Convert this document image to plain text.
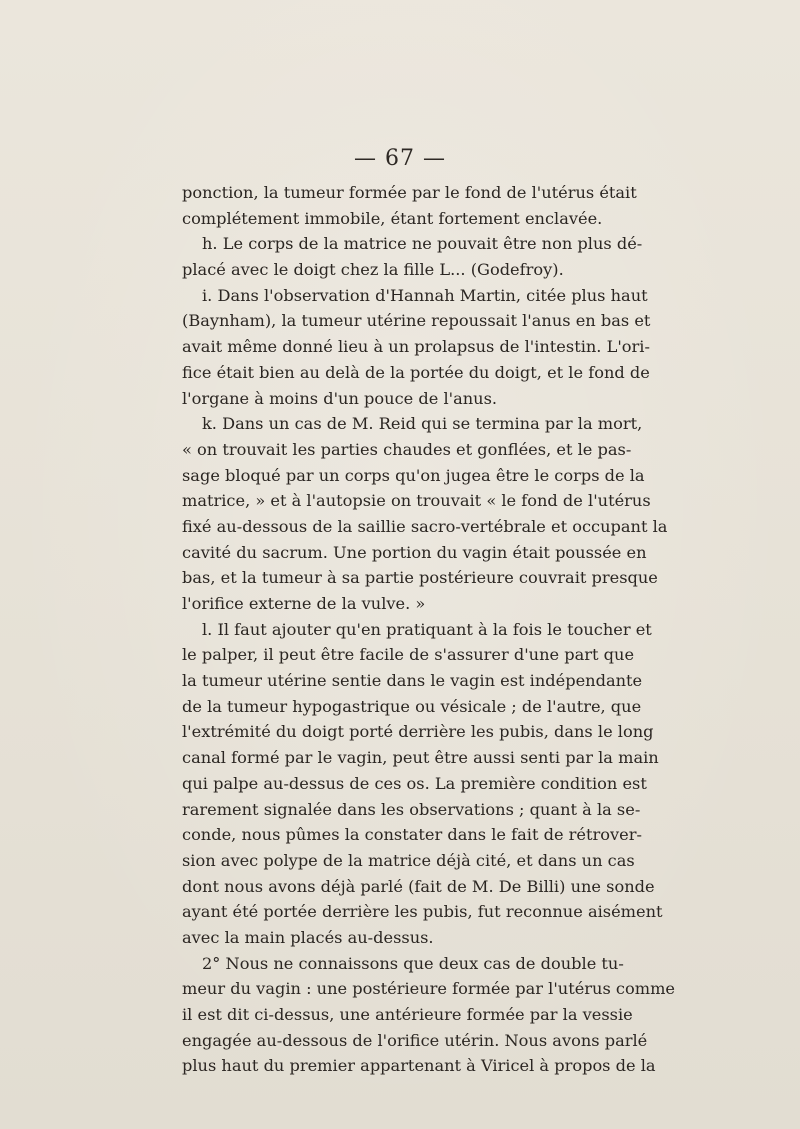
— 67 —
ponction, la tumeur formée par le fond de l'utérus était
complétement immobile, étant fortement enclavée.
h. Le corps de la matrice ne pouvait être non plus dé-
placé avec le doigt chez la fille L... (Godefroy).
i. Dans l'observation d'Hannah Martin, citée plus haut
(Baynham), la tumeur utérine repoussait l'anus en bas et
avait même donné lieu à un prolapsus de l'intestin. L'ori-
fice était bien au delà de la portée du doigt, et le fond de
l'organe à moins d'un pouce de l'anus.
k. Dans un cas de M. Reid qui se termina par la mort,
« on trouvait les parties chaudes et gonflées, et le pas-
sage bloqué par un corps qu'on jugea être le corps de la
matrice, » et à l'autopsie on trouvait « le fond de l'utérus
fixé au-dessous de la saillie sacro-vertébrale et occupant la
cavité du sacrum. Une portion du vagin était poussée en
bas, et la tumeur à sa partie postérieure couvrait presque
l'orifice externe de la vulve. »
l. Il faut ajouter qu'en pratiquant à la fois le toucher et
le palper, il peut être facile de s'assurer d'une part que
la tumeur utérine sentie dans le vagin est indépendante
de la tumeur hypogastrique ou vésicale ; de l'autre, que
l'extrémité du doigt porté derrière les pubis, dans le long
canal formé par le vagin, peut être aussi senti par la main
qui palpe au-dessus de ces os. La première condition est
rarement signalée dans les observations ; quant à la se-
conde, nous pûmes la constater dans le fait de rétrover-
sion avec polype de la matrice déjà cité, et dans un cas
dont nous avons déjà parlé (fait de M. De Billi) une sonde
ayant été portée derrière les pubis, fut reconnue aisément
avec la main placés au-dessus.
2° Nous ne connaissons que deux cas de double tu-
meur du vagin : une postérieure formée par l'utérus comme
il est dit ci-dessus, une antérieure formée par la vessie
engagée au-dessous de l'orifice utérin. Nous avons parlé
plus haut du premier appartenant à Viricel à propos de la
